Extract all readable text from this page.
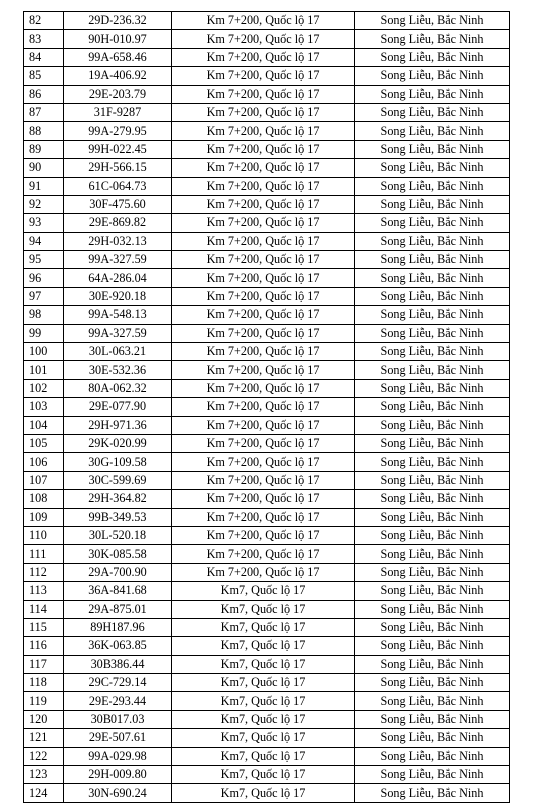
82	29D-236.32	Km 7+200, Quốc lộ 17	Song Liễu, Bắc Ninh
83	90H-010.97	Km 7+200, Quốc lộ 17	Song Liễu, Bắc Ninh
84	99A-658.46	Km 7+200, Quốc lộ 17	Song Liễu, Bắc Ninh
85	19A-406.92	Km 7+200, Quốc lộ 17	Song Liễu, Bắc Ninh
86	29E-203.79	Km 7+200, Quốc lộ 17	Song Liễu, Bắc Ninh
87	31F-9287	Km 7+200, Quốc lộ 17	Song Liễu, Bắc Ninh
88	99A-279.95	Km 7+200, Quốc lộ 17	Song Liễu, Bắc Ninh
89	99H-022.45	Km 7+200, Quốc lộ 17	Song Liễu, Bắc Ninh
90	29H-566.15	Km 7+200, Quốc lộ 17	Song Liễu, Bắc Ninh
91	61C-064.73	Km 7+200, Quốc lộ 17	Song Liễu, Bắc Ninh
92	30F-475.60	Km 7+200, Quốc lộ 17	Song Liễu, Bắc Ninh
93	29E-869.82	Km 7+200, Quốc lộ 17	Song Liễu, Bắc Ninh
94	29H-032.13	Km 7+200, Quốc lộ 17	Song Liễu, Bắc Ninh
95	99A-327.59	Km 7+200, Quốc lộ 17	Song Liễu, Bắc Ninh
96	64A-286.04	Km 7+200, Quốc lộ 17	Song Liễu, Bắc Ninh
97	30E-920.18	Km 7+200, Quốc lộ 17	Song Liễu, Bắc Ninh
98	99A-548.13	Km 7+200, Quốc lộ 17	Song Liễu, Bắc Ninh
99	99A-327.59	Km 7+200, Quốc lộ 17	Song Liễu, Bắc Ninh
100	30L-063.21	Km 7+200, Quốc lộ 17	Song Liễu, Bắc Ninh
101	30E-532.36	Km 7+200, Quốc lộ 17	Song Liễu, Bắc Ninh
102	80A-062.32	Km 7+200, Quốc lộ 17	Song Liễu, Bắc Ninh
103	29E-077.90	Km 7+200, Quốc lộ 17	Song Liễu, Bắc Ninh
104	29H-971.36	Km 7+200, Quốc lộ 17	Song Liễu, Bắc Ninh
105	29K-020.99	Km 7+200, Quốc lộ 17	Song Liễu, Bắc Ninh
106	30G-109.58	Km 7+200, Quốc lộ 17	Song Liễu, Bắc Ninh
107	30C-599.69	Km 7+200, Quốc lộ 17	Song Liễu, Bắc Ninh
108	29H-364.82	Km 7+200, Quốc lộ 17	Song Liễu, Bắc Ninh
109	99B-349.53	Km 7+200, Quốc lộ 17	Song Liễu, Bắc Ninh
110	30L-520.18	Km 7+200, Quốc lộ 17	Song Liễu, Bắc Ninh
111	30K-085.58	Km 7+200, Quốc lộ 17	Song Liễu, Bắc Ninh
112	29A-700.90	Km 7+200, Quốc lộ 17	Song Liễu, Bắc Ninh
113	36A-841.68	Km7, Quốc lộ 17	Song Liễu, Bắc Ninh
114	29A-875.01	Km7, Quốc lộ 17	Song Liễu, Bắc Ninh
115	89H187.96	Km7, Quốc lộ 17	Song Liễu, Bắc Ninh
116	36K-063.85	Km7, Quốc lộ 17	Song Liễu, Bắc Ninh
117	30B386.44	Km7, Quốc lộ 17	Song Liễu, Bắc Ninh
118	29C-729.14	Km7, Quốc lộ 17	Song Liễu, Bắc Ninh
119	29E-293.44	Km7, Quốc lộ 17	Song Liễu, Bắc Ninh
120	30B017.03	Km7, Quốc lộ 17	Song Liễu, Bắc Ninh
121	29E-507.61	Km7, Quốc lộ 17	Song Liễu, Bắc Ninh
122	99A-029.98	Km7, Quốc lộ 17	Song Liễu, Bắc Ninh
123	29H-009.80	Km7, Quốc lộ 17	Song Liễu, Bắc Ninh
124	30N-690.24	Km7, Quốc lộ 17	Song Liễu, Bắc Ninh
